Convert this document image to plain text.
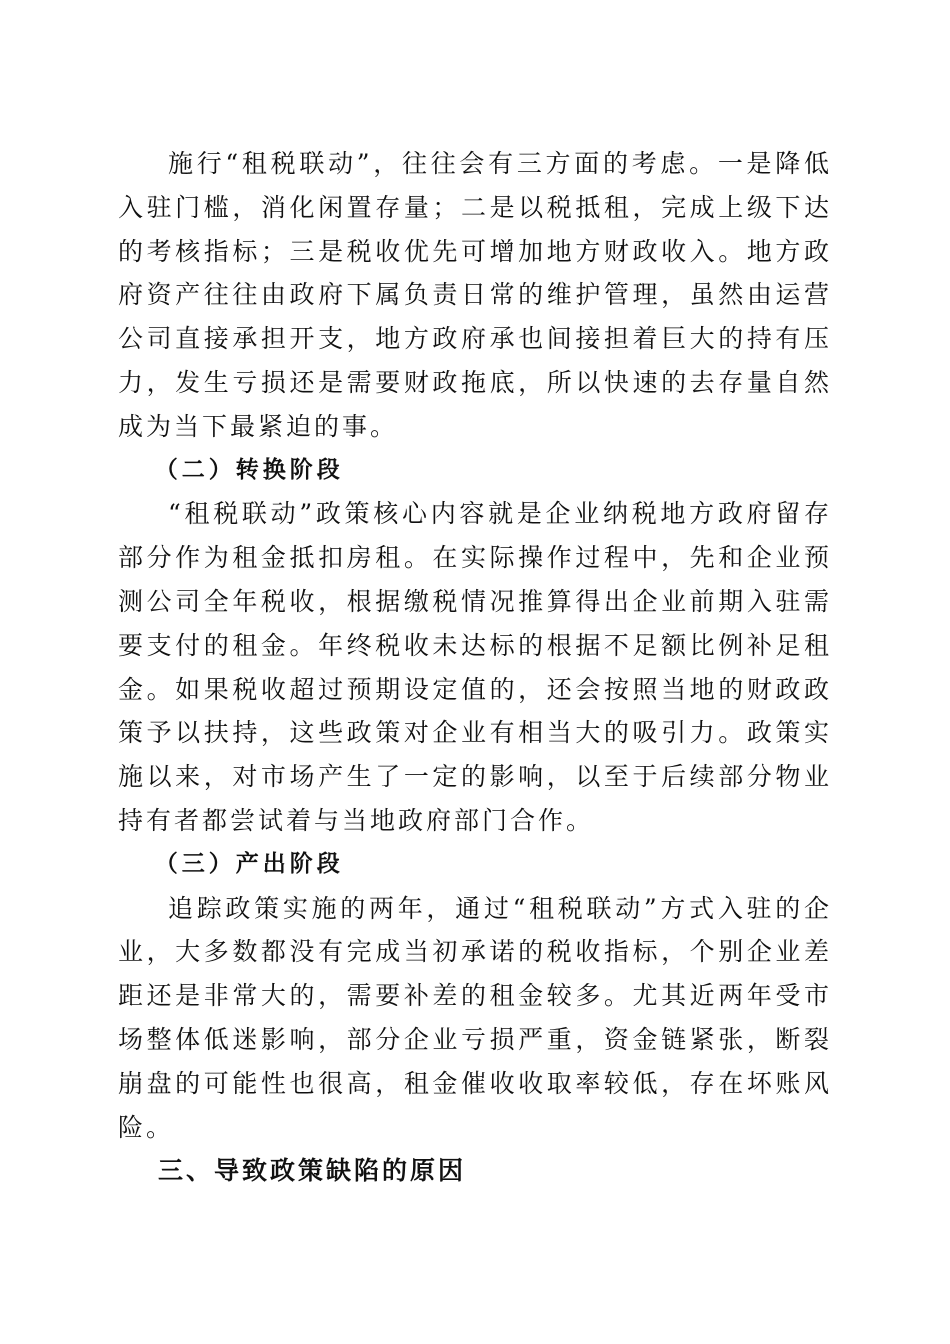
施行“租税联动”，往往会有三方面的考虑。一是降低入驻门槛，消化闲置存量；二是以税抵租，完成上级下达的考核指标；三是税收优先可增加地方财政收入。地方政府资产往往由政府下属负责日常的维护管理，虽然由运营公司直接承担开支，地方政府承也间接担着巨大的持有压力，发生亏损还是需要财政拖底，所以快速的去存量自然成为当下最紧迫的事。

（二）转换阶段

“租税联动”政策核心内容就是企业纳税地方政府留存部分作为租金抵扣房租。在实际操作过程中，先和企业预测公司全年税收，根据缴税情况推算得出企业前期入驻需要支付的租金。年终税收未达标的根据不足额比例补足租金。如果税收超过预期设定值的，还会按照当地的财政政策予以扶持，这些政策对企业有相当大的吸引力。政策实施以来，对市场产生了一定的影响，以至于后续部分物业持有者都尝试着与当地政府部门合作。

（三）产出阶段

追踪政策实施的两年，通过“租税联动”方式入驻的企业，大多数都没有完成当初承诺的税收指标，个别企业差距还是非常大的，需要补差的租金较多。尤其近两年受市场整体低迷影响，部分企业亏损严重，资金链紧张，断裂崩盘的可能性也很高，租金催收收取率较低，存在坏账风险。

三、导致政策缺陷的原因
